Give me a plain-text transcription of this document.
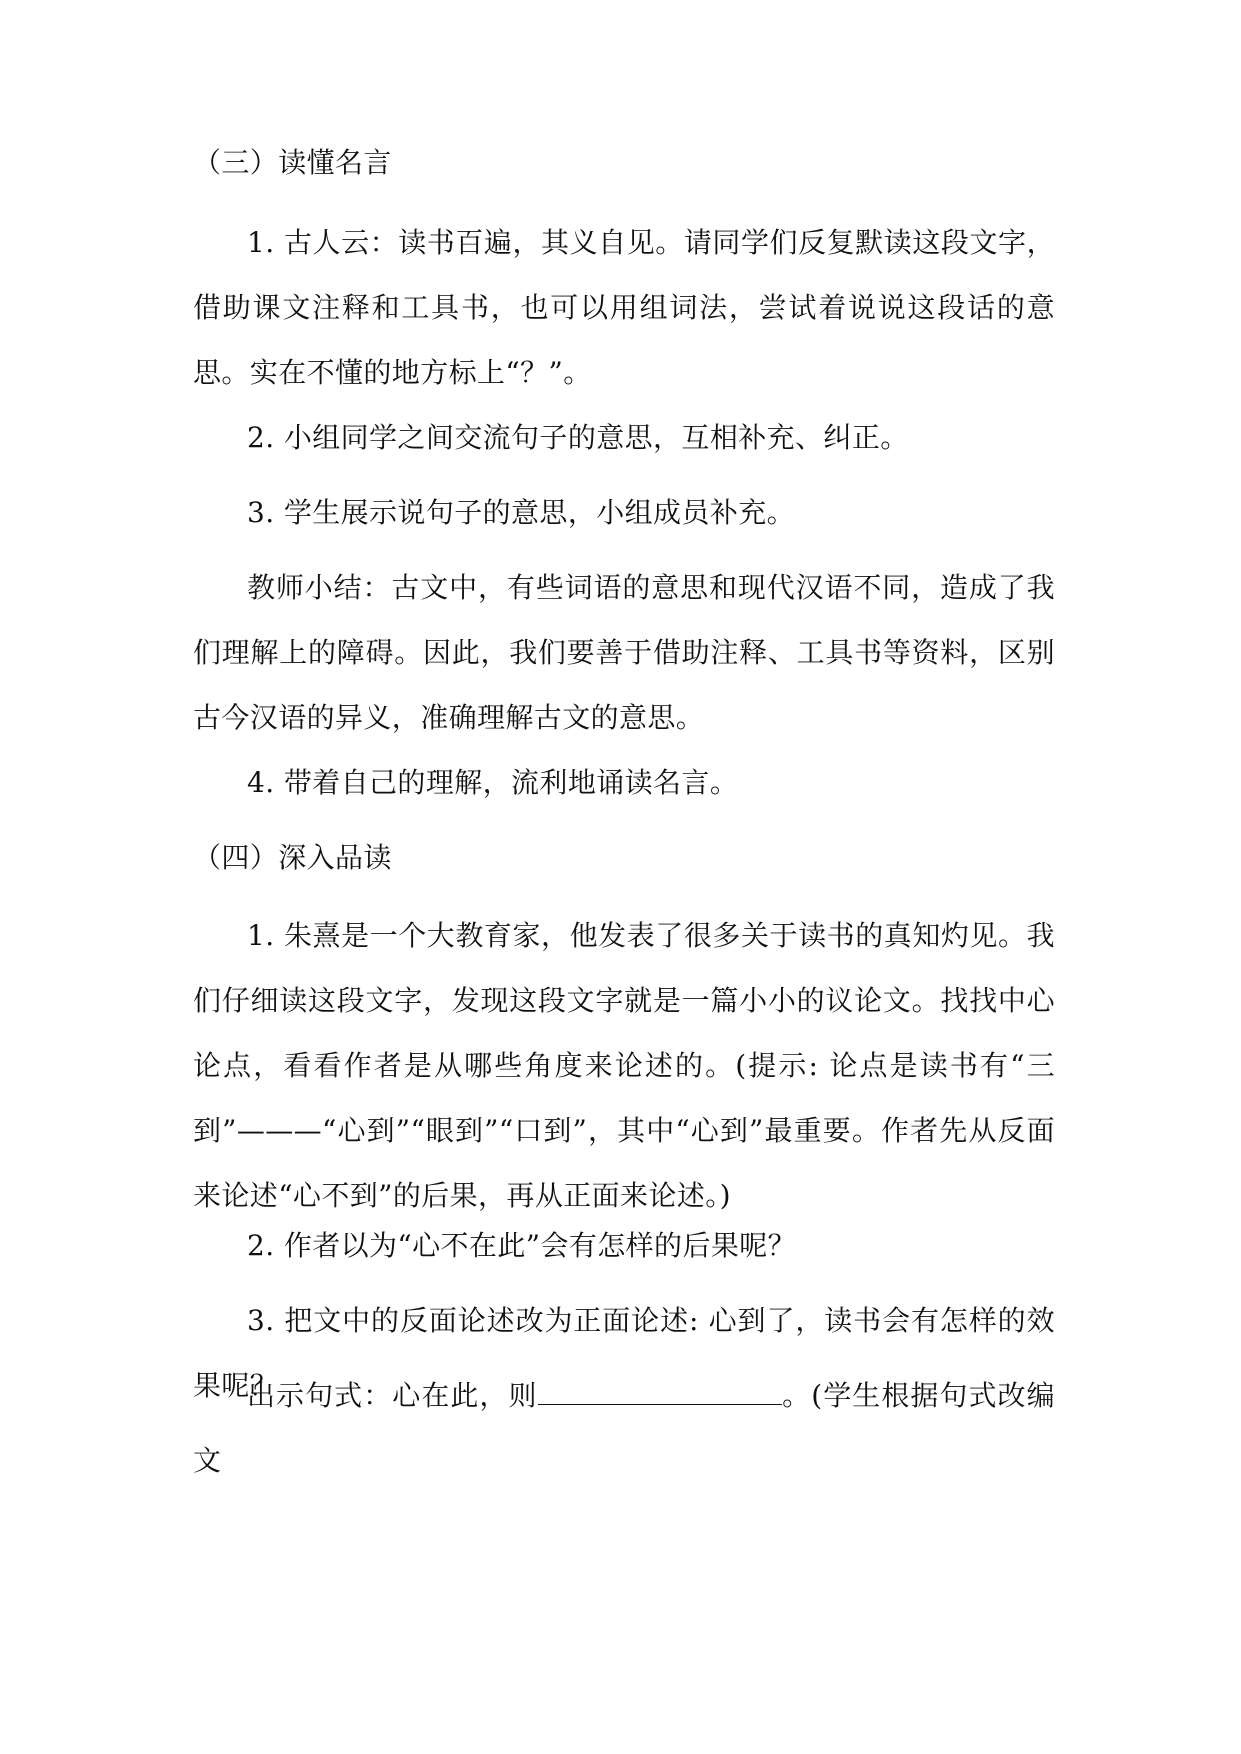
（三）读懂名言

1. 古人云：读书百遍，其义自见。请同学们反复默读这段文字，借助课文注释和工具书，也可以用组词法，尝试着说说这段话的意思。实在不懂的地方标上“？”。

2. 小组同学之间交流句子的意思，互相补充、纠正。

3. 学生展示说句子的意思，小组成员补充。

教师小结：古文中，有些词语的意思和现代汉语不同，造成了我们理解上的障碍。因此，我们要善于借助注释、工具书等资料，区别古今汉语的异义，准确理解古文的意思。

4. 带着自己的理解，流利地诵读名言。

（四）深入品读

1. 朱熹是一个大教育家，他发表了很多关于读书的真知灼见。我们仔细读这段文字，发现这段文字就是一篇小小的议论文。找找中心论点，看看作者是从哪些角度来论述的。(提示: 论点是读书有“三到”———“心到”“眼到”“口到”，其中“心到”最重要。作者先从反面来论述“心不到”的后果，再从正面来论述。)

2. 作者以为“心不在此”会有怎样的后果呢？

3. 把文中的反面论述改为正面论述: 心到了，读书会有怎样的效果呢？

出示句式：心在此，则	。(学生根据句式改编文
